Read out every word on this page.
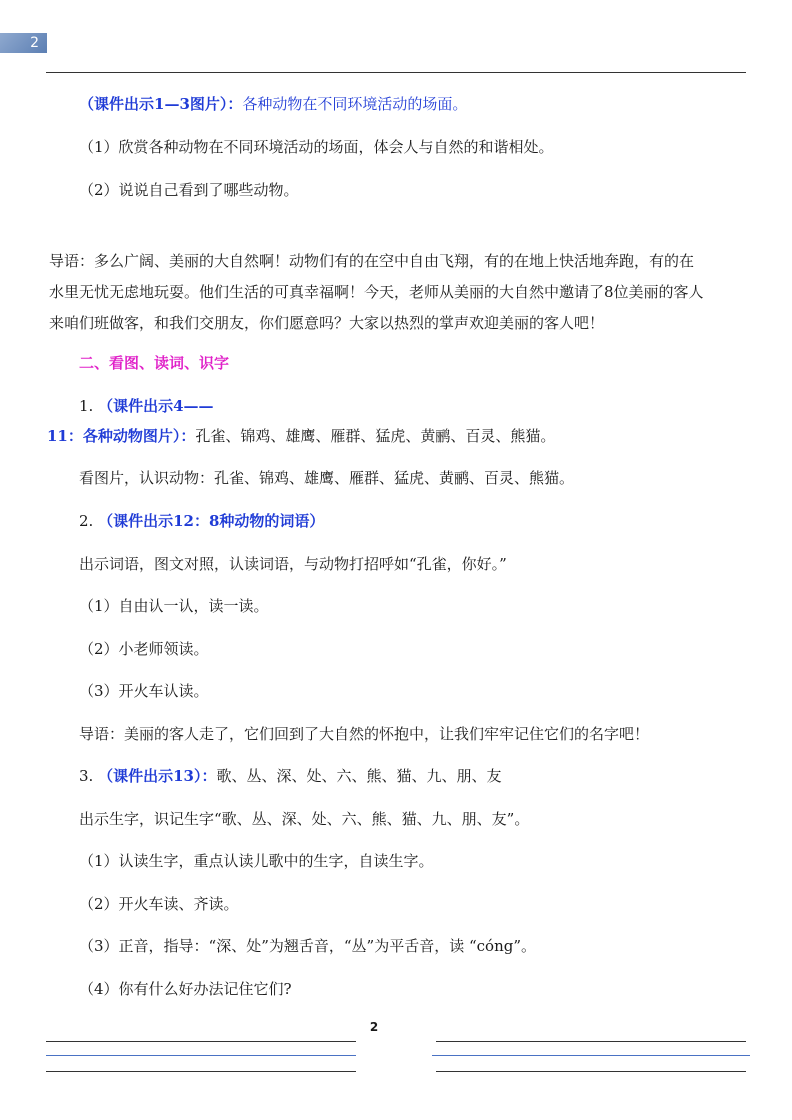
2
（课件出示1—3图片）：各种动物在不同环境活动的场面。
（1）欣赏各种动物在不同环境活动的场面，体会人与自然的和谐相处。
（2）说说自己看到了哪些动物。
导语：多么广阔、美丽的大自然啊！动物们有的在空中自由飞翔，有的在地上快活地奔跑，有的在
水里无忧无虑地玩耍。他们生活的可真幸福啊！今天，老师从美丽的大自然中邀请了8位美丽的客人
来咱们班做客，和我们交朋友，你们愿意吗？大家以热烈的掌声欢迎美丽的客人吧！
二、看图、读词、识字
1. （课件出示4——
11：各种动物图片）：孔雀、锦鸡、雄鹰、雁群、猛虎、黄鹂、百灵、熊猫。
看图片，认识动物：孔雀、锦鸡、雄鹰、雁群、猛虎、黄鹂、百灵、熊猫。
2. （课件出示12：8种动物的词语）
出示词语，图文对照，认读词语，与动物打招呼如“孔雀，你好。”
（1）自由认一认，读一读。
（2）小老师领读。
（3）开火车认读。
导语：美丽的客人走了，它们回到了大自然的怀抱中，让我们牢牢记住它们的名字吧！
3. （课件出示13）：歌、丛、深、处、六、熊、猫、九、朋、友
出示生字，识记生字“歌、丛、深、处、六、熊、猫、九、朋、友”。
（1）认读生字，重点认读儿歌中的生字，自读生字。
（2）开火车读、齐读。
（3）正音，指导：“深、处”为翘舌音，“丛”为平舌音，读 “cóng”。
（4）你有什么好办法记住它们?
2
